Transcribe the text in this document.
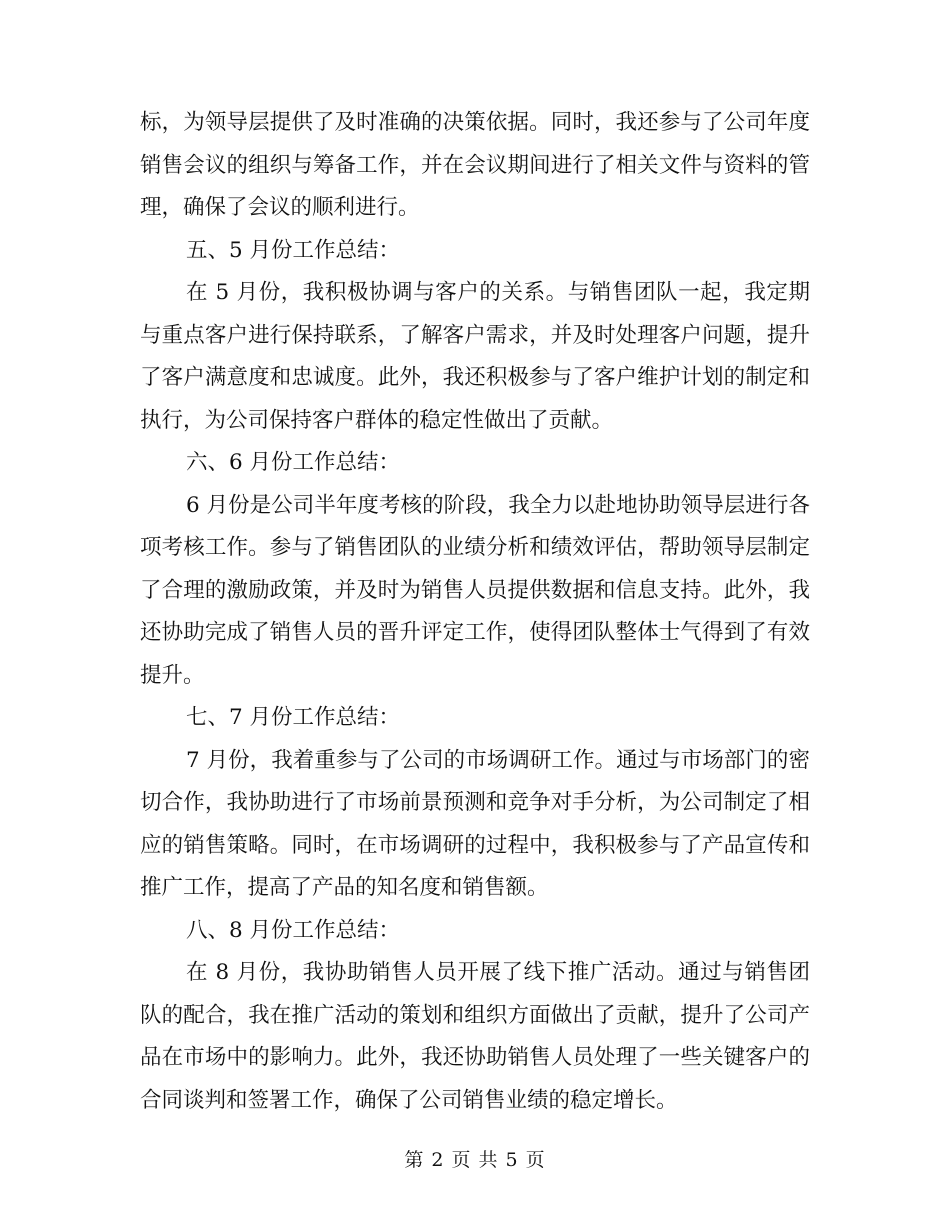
标，为领导层提供了及时准确的决策依据。同时，我还参与了公司年度销售会议的组织与筹备工作，并在会议期间进行了相关文件与资料的管理，确保了会议的顺利进行。

五、5 月份工作总结：

在 5 月份，我积极协调与客户的关系。与销售团队一起，我定期与重点客户进行保持联系，了解客户需求，并及时处理客户问题，提升了客户满意度和忠诚度。此外，我还积极参与了客户维护计划的制定和执行，为公司保持客户群体的稳定性做出了贡献。

六、6 月份工作总结：

6 月份是公司半年度考核的阶段，我全力以赴地协助领导层进行各项考核工作。参与了销售团队的业绩分析和绩效评估，帮助领导层制定了合理的激励政策，并及时为销售人员提供数据和信息支持。此外，我还协助完成了销售人员的晋升评定工作，使得团队整体士气得到了有效提升。

七、7 月份工作总结：

7 月份，我着重参与了公司的市场调研工作。通过与市场部门的密切合作，我协助进行了市场前景预测和竞争对手分析，为公司制定了相应的销售策略。同时，在市场调研的过程中，我积极参与了产品宣传和推广工作，提高了产品的知名度和销售额。

八、8 月份工作总结：

在 8 月份，我协助销售人员开展了线下推广活动。通过与销售团队的配合，我在推广活动的策划和组织方面做出了贡献，提升了公司产品在市场中的影响力。此外，我还协助销售人员处理了一些关键客户的合同谈判和签署工作，确保了公司销售业绩的稳定增长。

第 2 页 共 5 页
